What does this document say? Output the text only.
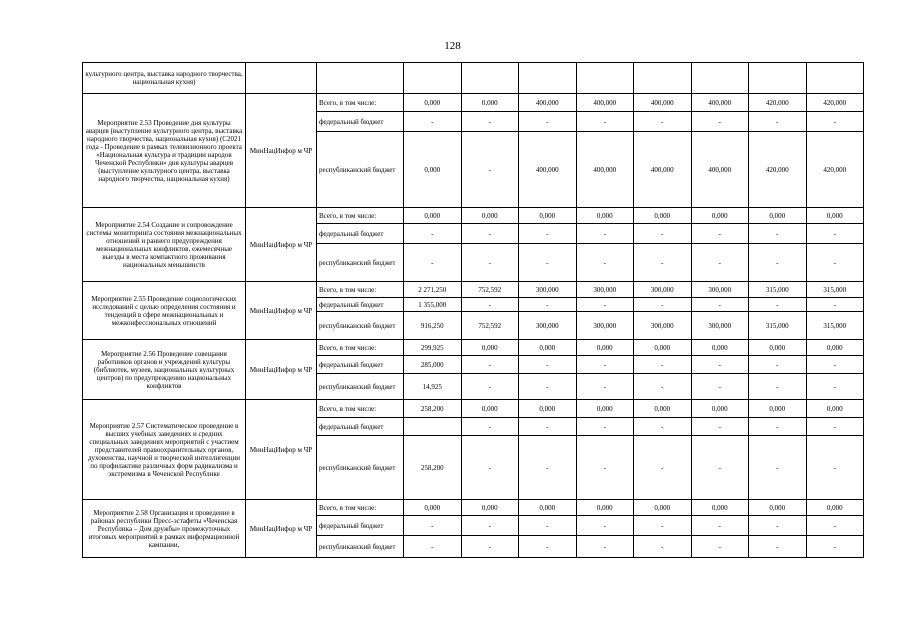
128
культурного центра, выставка народного творчества, национальная кухня)										
Мероприятие 2.53 Проведение дня культуры аварцев (выступление культурного центра, выставка народного творчества, национальная кухня) (С2021 года - Проведение в рамках телевизионного проекта «Национальная культура и традиции народов Чеченской Республики» дня культуры аварцев (выступление культурного центра, выставка народного творчества, национальная кухня)	МинНацИнфор м ЧР	Всего, в том числе:	0,000	0,000	400,000	400,000	400,000	400,000	420,000	420,000
		федеральный бюджет	-	-	-	-	-	-	-	-
		республиканский бюджет	0,000	-	400,000	400,000	400,000	400,000	420,000	420,000
Мероприятие 2.54 Создание и сопровождение системы мониторинга состояния межнациональных отношений и раннего предупреждения межнациональных конфликтов, ежемесячные выезды в места компактного проживания национальных меньшинств	МинНацИнфор м ЧР	Всего, в том числе:	0,000	0,000	0,000	0,000	0,000	0,000	0,000	0,000
		федеральный бюджет	-	-	-	-	-	-	-	-
		республиканский бюджет	-	-	-	-	-	-	-	-
Мероприятие 2.55 Проведение социологических исследований с целью определения состояния и тенденций в сфере межнациональных и межконфессиональных отношений	МинНацИнфор м ЧР	Всего, в том числе:	2 271,250	752,592	300,000	300,000	300,000	300,000	315,000	315,000
		федеральный бюджет	1 355,000	-	-	-	-	-	-	-
		республиканский бюджет	916,250	752,592	300,000	300,000	300,000	300,000	315,000	315,000
Мероприятие 2.56 Проведение совещания работников органов и учреждений культуры (библиотек, музеев, национальных культурных центров) по предупреждению национальных конфликтов	МинНацИнфор м ЧР	Всего, в том числе:	299,925	0,000	0,000	0,000	0,000	0,000	0,000	0,000
		федеральный бюджет	285,000	-	-	-	-	-	-	-
		республиканский бюджет	14,925	-	-	-	-	-	-	-
Мероприятие 2.57 Систематическое проведение в высших учебных заведениях и средних специальных заведениях мероприятий с участием представителей правоохранительных органов, духовенства, научной и творческой интеллигенции по профилактике различных форм радикализма и экстремизма в Чеченской Республике	МинНацИнфор м ЧР	Всего, в том числе:	258,200	0,000	0,000	0,000	0,000	0,000	0,000	0,000
		федеральный бюджет		-	-	-	-	-	-	-
		республиканский бюджет	258,200	-	-	-	-	-	-	-
Мероприятие 2.58 Организация и проведение в районах республики Пресс-эстафеты «Чеченская Республика – Дом дружбы» промежуточных итоговых мероприятий в рамках информационной кампании,	МинНацИнфор м ЧР	Всего, в том числе:	0,000	0,000	0,000	0,000	0,000	0,000	0,000	0,000
		федеральный бюджет	-	-	-	-	-	-	-	-
		республиканский бюджет	-	-	-	-	-	-	-	-
